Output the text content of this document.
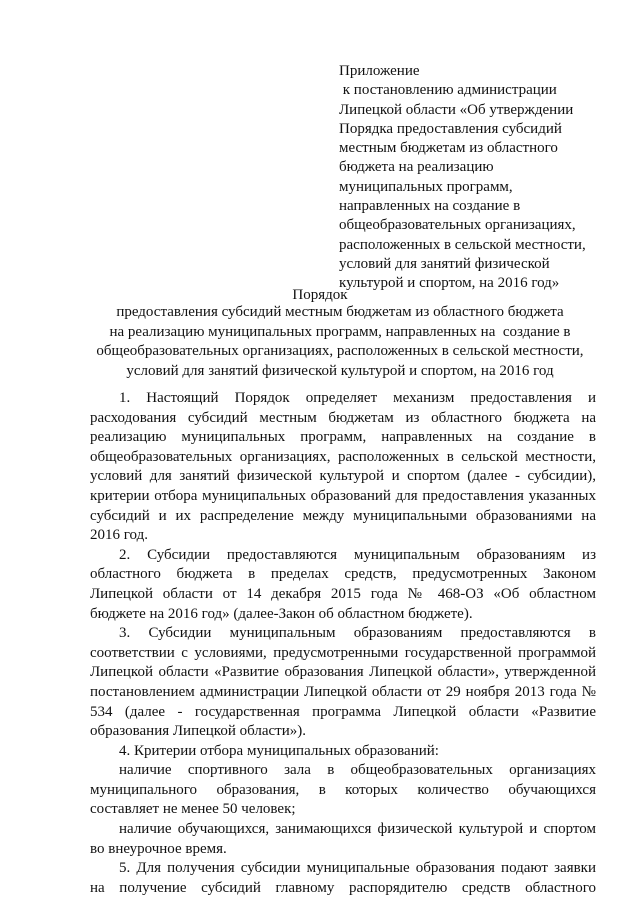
Приложение
к постановлению администрации
Липецкой области «Об утверждении
Порядка предоставления субсидий
местным бюджетам из областного
бюджета на реализацию
муниципальных программ,
направленных на создание в
общеобразовательных организациях,
расположенных в сельской местности,
условий для занятий физической
культурой и спортом, на 2016 год»
Порядок
предоставления субсидий местным бюджетам из областного бюджета
на реализацию муниципальных программ, направленных на  создание в
общеобразовательных организациях, расположенных в сельской местности,
условий для занятий физической культурой и спортом, на 2016 год
1. Настоящий Порядок определяет механизм предоставления и
расходования субсидий местным бюджетам из областного бюджета на
реализацию муниципальных программ, направленных на создание в
общеобразовательных организациях, расположенных в сельской местности,
условий для занятий физической культурой и спортом (далее - субсидии),
критерии отбора муниципальных образований для предоставления указанных
субсидий и их распределение между муниципальными образованиями на
2016 год.
2. Субсидии предоставляются муниципальным образованиям из
областного бюджета в пределах средств, предусмотренных Законом
Липецкой области от 14 декабря 2015 года № 468-ОЗ «Об областном
бюджете на 2016 год» (далее-Закон об областном бюджете).
3. Субсидии муниципальным образованиям предоставляются в
соответствии с условиями, предусмотренными государственной программой
Липецкой области «Развитие образования Липецкой области», утвержденной
постановлением администрации Липецкой области от 29 ноября 2013 года №
534 (далее - государственная программа Липецкой области «Развитие
образования Липецкой области»).
4. Критерии отбора муниципальных образований:
наличие спортивного зала в общеобразовательных организациях
муниципального образования, в которых количество обучающихся
составляет не менее 50 человек;
наличие обучающихся, занимающихся физической культурой и спортом
во внеурочное время.
5. Для получения субсидии муниципальные образования подают заявки
на получение субсидий главному распорядителю средств областного
